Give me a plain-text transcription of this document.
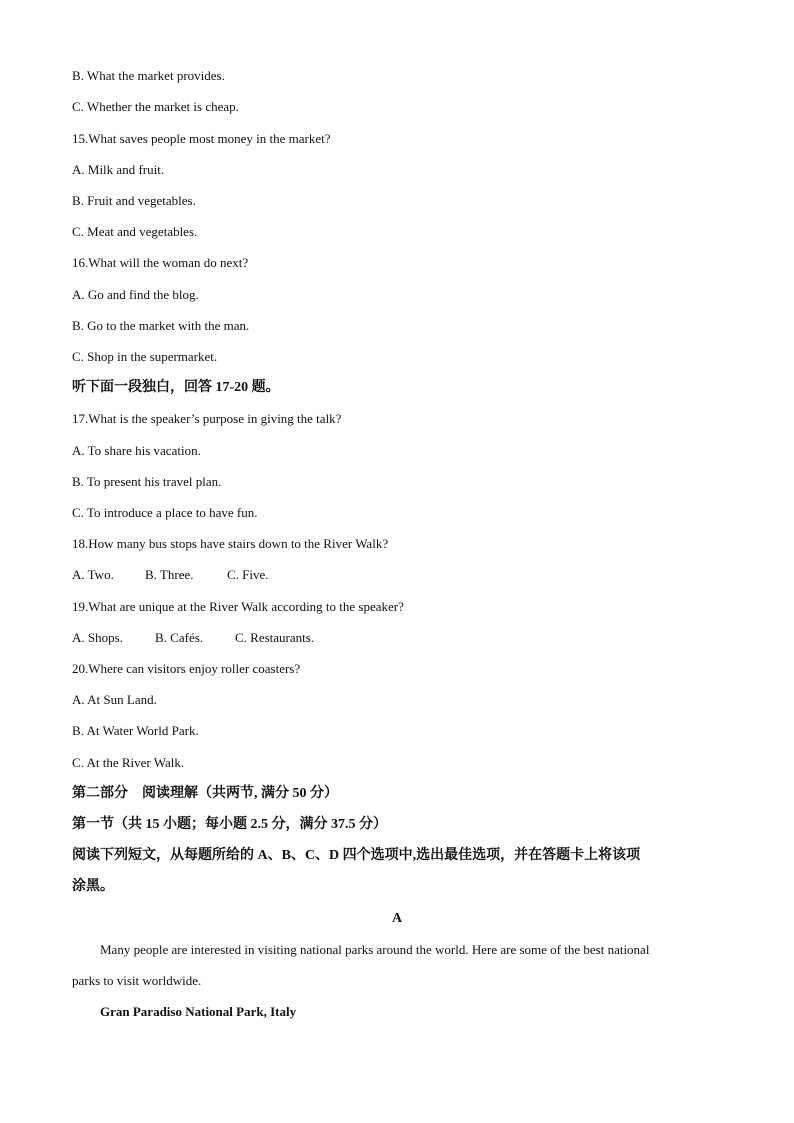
B. What the market provides.
C. Whether the market is cheap.
15.What saves people most money in the market?
A. Milk and fruit.
B. Fruit and vegetables.
C. Meat and vegetables.
16.What will the woman do next?
A. Go and find the blog.
B. Go to the market with the man.
C. Shop in the supermarket.
听下面一段独白，回答 17-20 题。
17.What is the speaker’s purpose in giving the talk?
A. To share his vacation.
B. To present his travel plan.
C. To introduce a place to have fun.
18.How many bus stops have stairs down to the River Walk?
A. Two. B. Three.	C. Five.
19.What are unique at the River Walk according to the speaker?
A. Shops. B. Cafés. C. Restaurants.
20.Where can visitors enjoy roller coasters?
A. At Sun Land.
B. At Water World Park.
C. At the River Walk.
第二部分　阅读理解（共两节, 满分 50 分）
第一节（共 15 小题；每小题 2.5 分，满分 37.5 分）
阅读下列短文，从每题所给的 A、B、C、D 四个选项中,选出最佳选项，并在答题卡上将该项
涂黑。
A
Many people are interested in visiting national parks around the world. Here are some of the best national
parks to visit worldwide.
Gran Paradiso National Park, Italy
